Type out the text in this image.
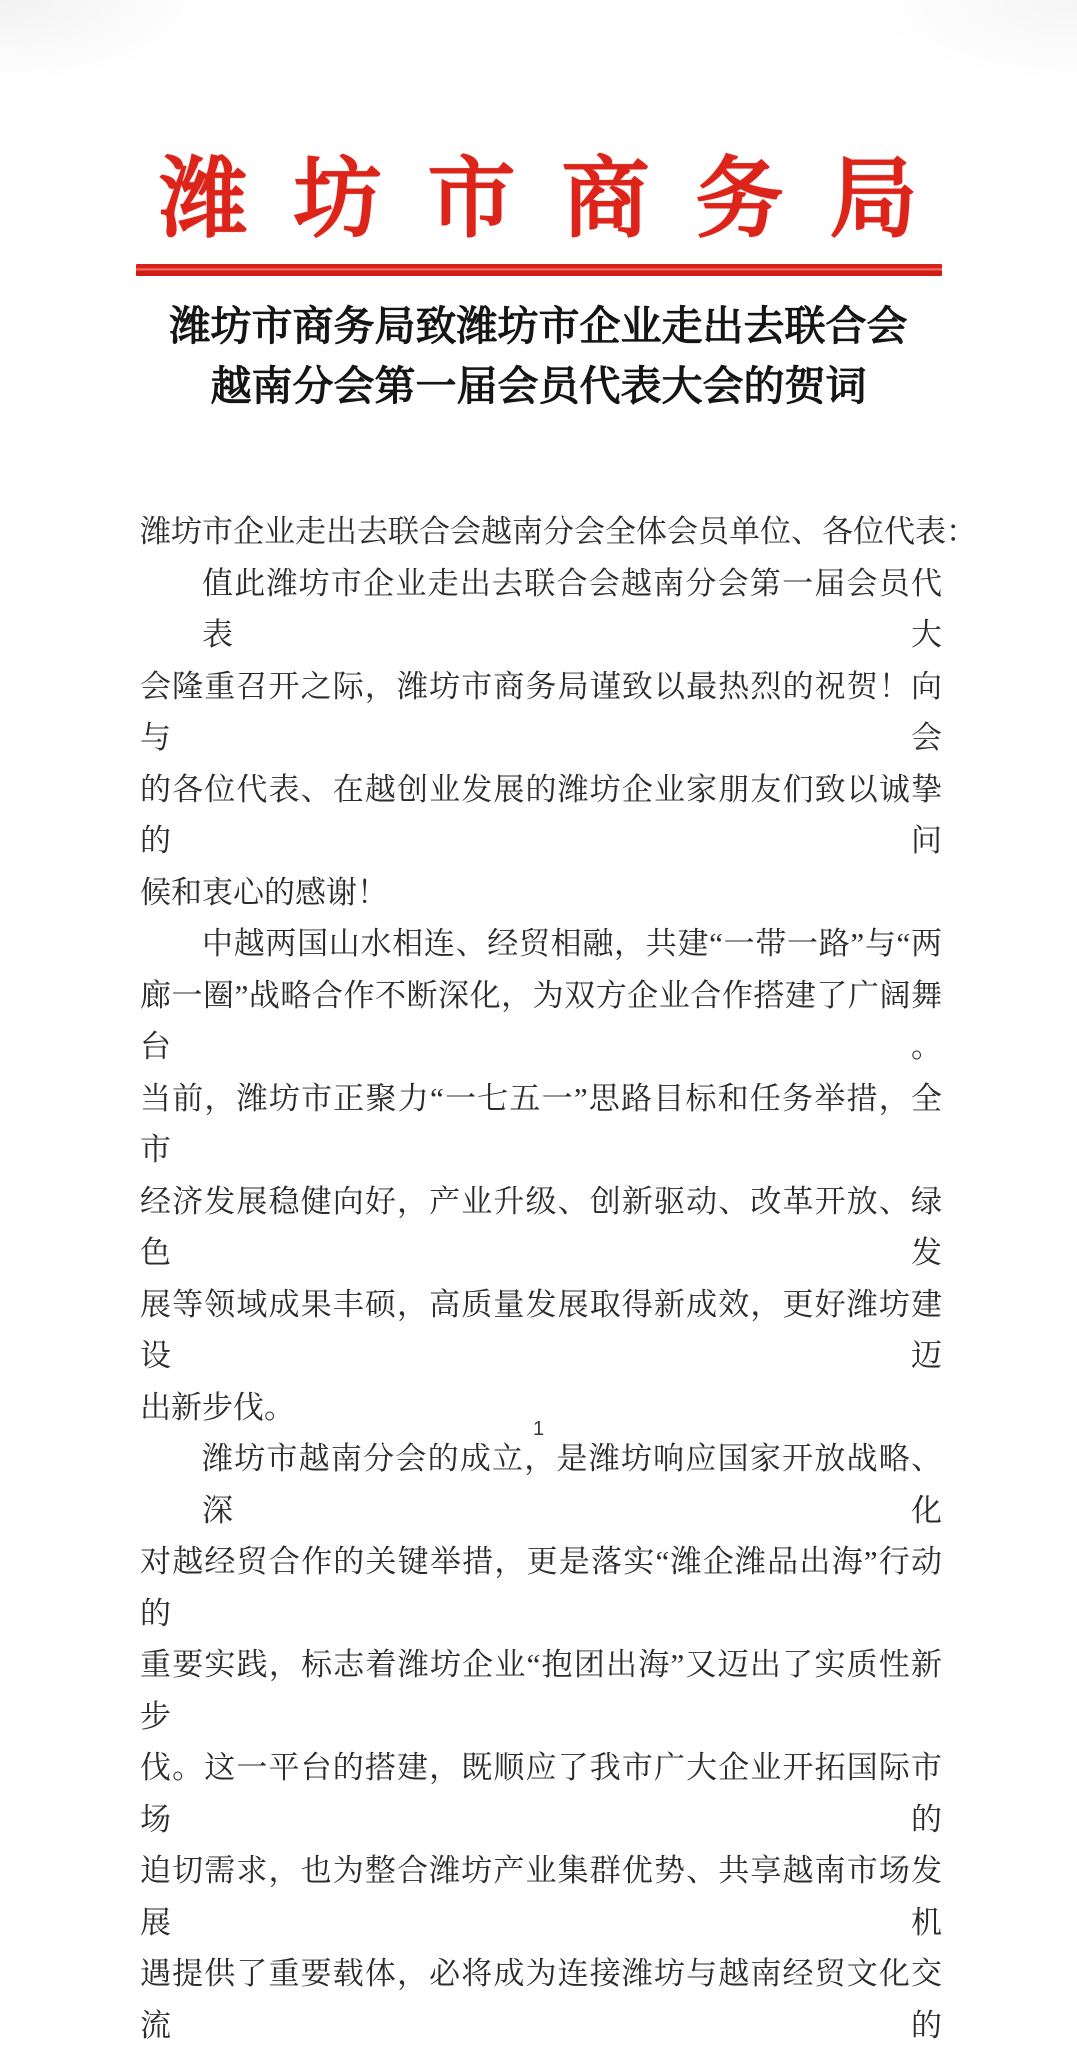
潍坊市商务局
潍坊市商务局致潍坊市企业走出去联合会
越南分会第一届会员代表大会的贺词

潍坊市企业走出去联合会越南分会全体会员单位、各位代表：

值此潍坊市企业走出去联合会越南分会第一届会员代表大

会隆重召开之际，潍坊市商务局谨致以最热烈的祝贺！向与会

的各位代表、在越创业发展的潍坊企业家朋友们致以诚挚的问

候和衷心的感谢！

中越两国山水相连、经贸相融，共建“一带一路”与“两

廊一圈”战略合作不断深化，为双方企业合作搭建了广阔舞台 。

当前，潍坊市正聚力“一七五一”思路目标和任务举措，全市

经济发展稳健向好，产业升级、创新驱动、改革开放、绿色发

展等领域成果丰硕，高质量发展取得新成效，更好潍坊建设迈

出新步伐。

潍坊市越南分会的成立，是潍坊响应国家开放战略、深化

对越经贸合作的关键举措，更是落实“潍企潍品出海”行动的

重要实践，标志着潍坊企业“抱团出海”又迈出了实质性新步

伐。这一平台的搭建，既顺应了我市广大企业开拓国际市场的

迫切需求，也为整合潍坊产业集群优势、共享越南市场发展机

遇提供了重要载体，必将成为连接潍坊与越南经贸文化交流的

1
